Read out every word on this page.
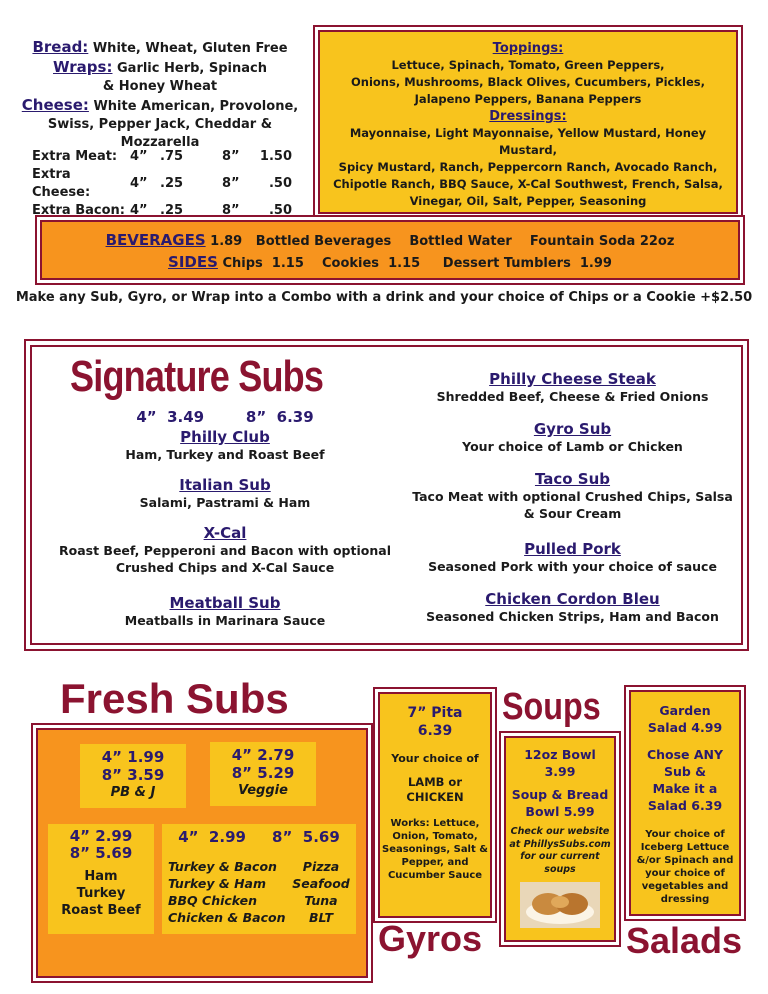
Bread: White, Wheat, Gluten Free
Wraps: Garlic Herb, Spinach
& Honey Wheat
Cheese: White American, Provolone,
Swiss, Pepper Jack, Cheddar & Mozzarella
Extra Meat:	4”	.75	8”	1.50
Extra Cheese:	4”	.25	8”	.50
Extra Bacon:	4”	.25	8”	.50
Toppings:
Lettuce, Spinach, Tomato, Green Peppers,
Onions, Mushrooms, Black Olives, Cucumbers, Pickles,
Jalapeno Peppers, Banana Peppers
Dressings:
Mayonnaise, Light Mayonnaise, Yellow Mustard, Honey Mustard,
Spicy Mustard, Ranch, Peppercorn Ranch, Avocado Ranch,
Chipotle Ranch, BBQ Sauce, X-Cal Southwest, French, Salsa,
Vinegar, Oil, Salt, Pepper, Seasoning
BEVERAGES 1.89   Bottled Beverages    Bottled Water    Fountain Soda 22oz
SIDES Chips  1.15    Cookies  1.15     Dessert Tumblers  1.99
Make any Sub, Gyro, or Wrap into a Combo with a drink and your choice of Chips or a Cookie +$2.50
Signature Subs
4”  3.49        8”  6.39
Philly Club
Ham, Turkey and Roast Beef
Italian Sub
Salami, Pastrami & Ham
X-Cal
Roast Beef, Pepperoni and Bacon with optional
Crushed Chips and X-Cal Sauce
Meatball Sub
Meatballs in Marinara Sauce
Philly Cheese Steak
Shredded Beef, Cheese & Fried Onions
Gyro Sub
Your choice of Lamb or Chicken
Taco Sub
Taco Meat with optional Crushed Chips, Salsa
& Sour Cream
Pulled Pork
Seasoned Pork with your choice of sauce
Chicken Cordon Bleu
Seasoned Chicken Strips, Ham and Bacon
Fresh Subs
4” 1.99
8” 3.59
PB & J
4” 2.79
8” 5.29
Veggie
4” 2.99
8” 5.69
Ham
Turkey
Roast Beef
4”  2.99     8”  5.69
Turkey & Bacon
Turkey & Ham
BBQ Chicken
Chicken & Bacon
Pizza
Seafood
Tuna
BLT
7” Pita
6.39
Your choice of
LAMB or
CHICKEN
Works: Lettuce,
Onion, Tomato,
Seasonings, Salt &
Pepper, and
Cucumber Sauce
Gyros
Soups
12oz Bowl
3.99
Soup & Bread
Bowl 5.99
Check our website
at PhillysSubs.com
for our current
soups
Garden
Salad 4.99
Chose ANY
Sub &
Make it a
Salad 6.39
Your choice of
Iceberg Lettuce
&/or Spinach and
your choice of
vegetables and
dressing
Salads
